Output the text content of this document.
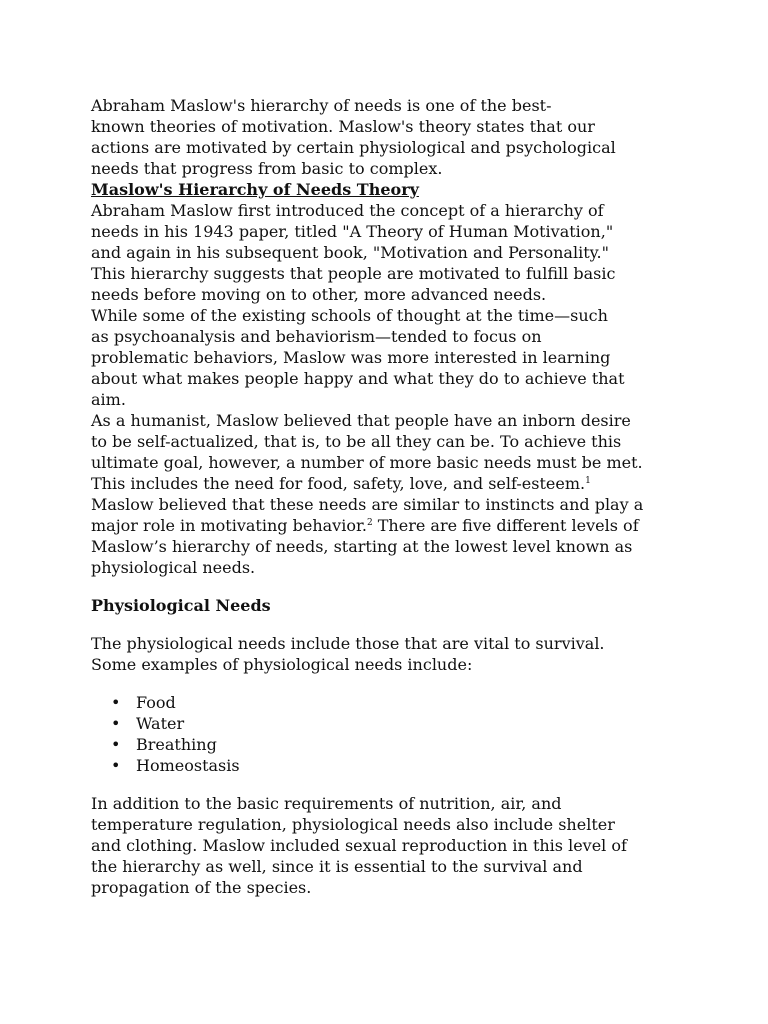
Abraham Maslow's hierarchy of needs is one of the best-
known theories of motivation. Maslow's theory states that our
actions are motivated by certain physiological and psychological
needs that progress from basic to complex.
Maslow's Hierarchy of Needs Theory
Abraham Maslow first introduced the concept of a hierarchy of
needs in his 1943 paper, titled "A Theory of Human Motivation,"
and again in his subsequent book, "Motivation and Personality."
This hierarchy suggests that people are motivated to fulfill basic
needs before moving on to other, more advanced needs.
While some of the existing schools of thought at the time—such
as psychoanalysis and behaviorism—tended to focus on
problematic behaviors, Maslow was more interested in learning
about what makes people happy and what they do to achieve that
aim.
As a humanist, Maslow believed that people have an inborn desire
to be self-actualized, that is, to be all they can be. To achieve this
ultimate goal, however, a number of more basic needs must be met.
This includes the need for food, safety, love, and self-esteem.$^1$
Maslow believed that these needs are similar to instincts and play a
major role in motivating behavior.$^2$ There are five different levels of
Maslow’s hierarchy of needs, starting at the lowest level known as
physiological needs.
Physiological Needs
The physiological needs include those that are vital to survival.
Some examples of physiological needs include:
• Food
• Water
• Breathing
• Homeostasis
In addition to the basic requirements of nutrition, air, and
temperature regulation, physiological needs also include shelter
and clothing. Maslow included sexual reproduction in this level of
the hierarchy as well, since it is essential to the survival and
propagation of the species.
